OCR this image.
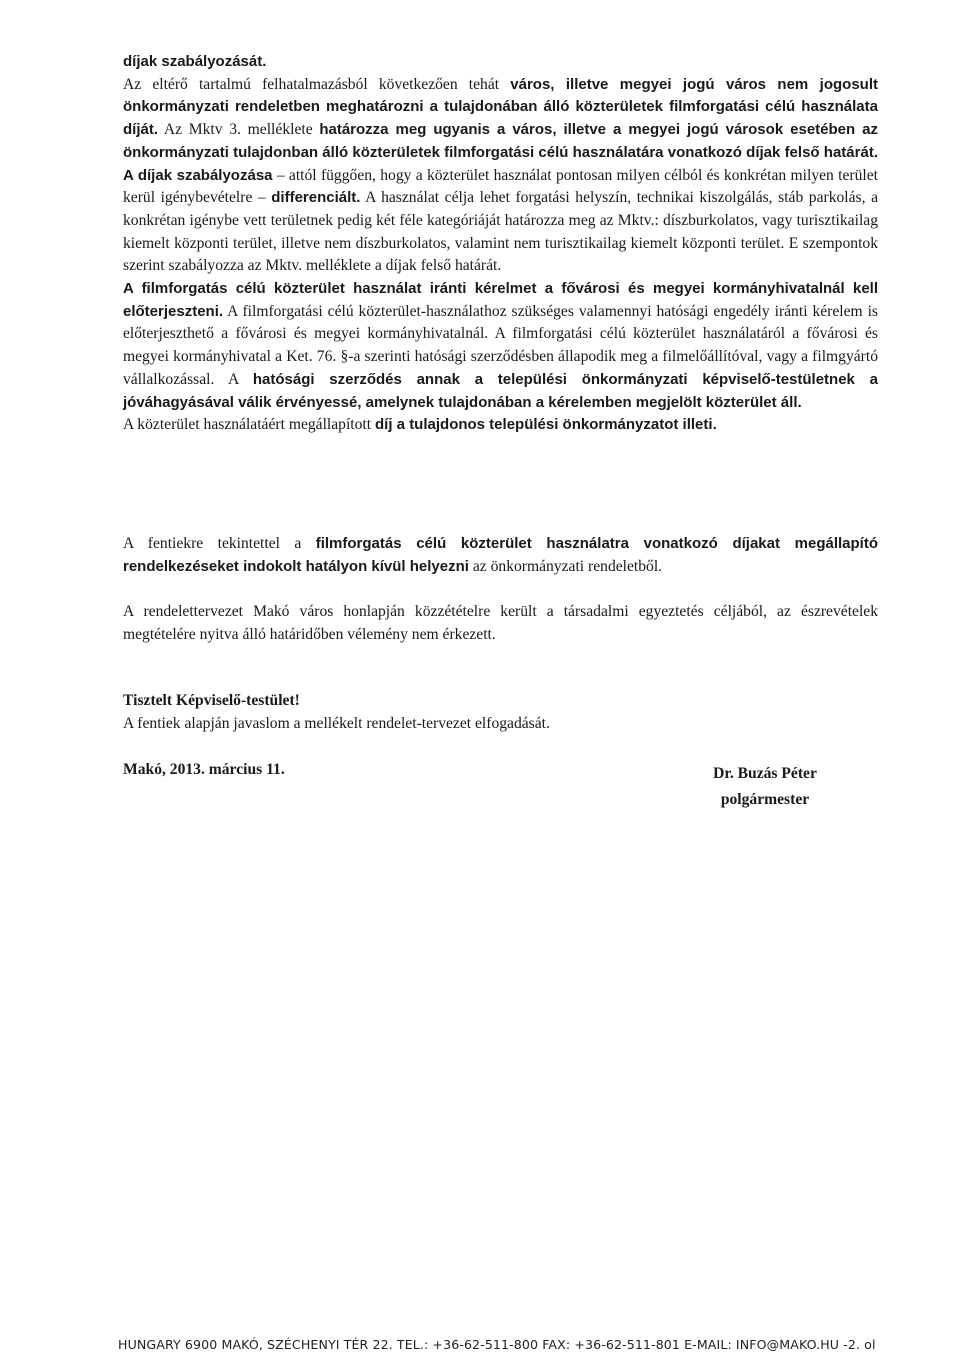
díjak szabályozását.
Az eltérő tartalmú felhatalmazásból következően tehát város, illetve megyei jogú város nem jogosult önkormányzati rendeletben meghatározni a tulajdonában álló közterületek filmforgatási célú használata díját. Az Mktv 3. melléklete határozza meg ugyanis a város, illetve a megyei jogú városok esetében az önkormányzati tulajdonban álló közterületek filmforgatási célú használatára vonatkozó díjak felső határát. A díjak szabályozása – attól függően, hogy a közterület használat pontosan milyen célból és konkrétan milyen terület kerül igénybevételre – differenciált. A használat célja lehet forgatási helyszín, technikai kiszolgálás, stáb parkolás, a konkrétan igénybe vett területnek pedig két féle kategóriáját határozza meg az Mktv.: díszburkolatos, vagy turisztikailag kiemelt központi terület, illetve nem díszburkolatos, valamint nem turisztikailag kiemelt központi terület. E szempontok szerint szabályozza az Mktv. melléklete a díjak felső határát.
A filmforgatás célú közterület használat iránti kérelmet a fővárosi és megyei kormányhivatalnál kell előterjeszteni. A filmforgatási célú közterület-használathoz szükséges valamennyi hatósági engedély iránti kérelem is előterjeszthető a fővárosi és megyei kormányhivatalnál. A filmforgatási célú közterület használatáról a fővárosi és megyei kormányhivatal a Ket. 76. §-a szerinti hatósági szerződésben állapodik meg a filmelőállítóval, vagy a filmgyártó vállalkozással. A hatósági szerződés annak a települési önkormányzati képviselő-testületnek a jóváhagyásával válik érvényessé, amelynek tulajdonában a kérelemben megjelölt közterület áll.
A közterület használatáért megállapított díj a tulajdonos települési önkormányzatot illeti.

A fentiekre tekintettel a filmforgatás célú közterület használatra vonatkozó díjakat megállapító rendelkezéseket indokolt hatályon kívül helyezni az önkormányzati rendeletből.

A rendelettervezet Makó város honlapján közzétételre került a társadalmi egyeztetés céljából, az észrevételek megtételére nyitva álló határidőben vélemény nem érkezett.

Tisztelt Képviselő-testület!

A fentiek alapján javaslom a mellékelt rendelet-tervezet elfogadását.

Makó, 2013. március 11.	Dr. Buzás Péter
polgármester
HUNGARY 6900 MAKÓ, SZÉCHENYI TÉR 22. TEL.: +36-62-511-800 FAX: +36-62-511-801 E-MAIL: INFO@MAKO.HU -2. ol
